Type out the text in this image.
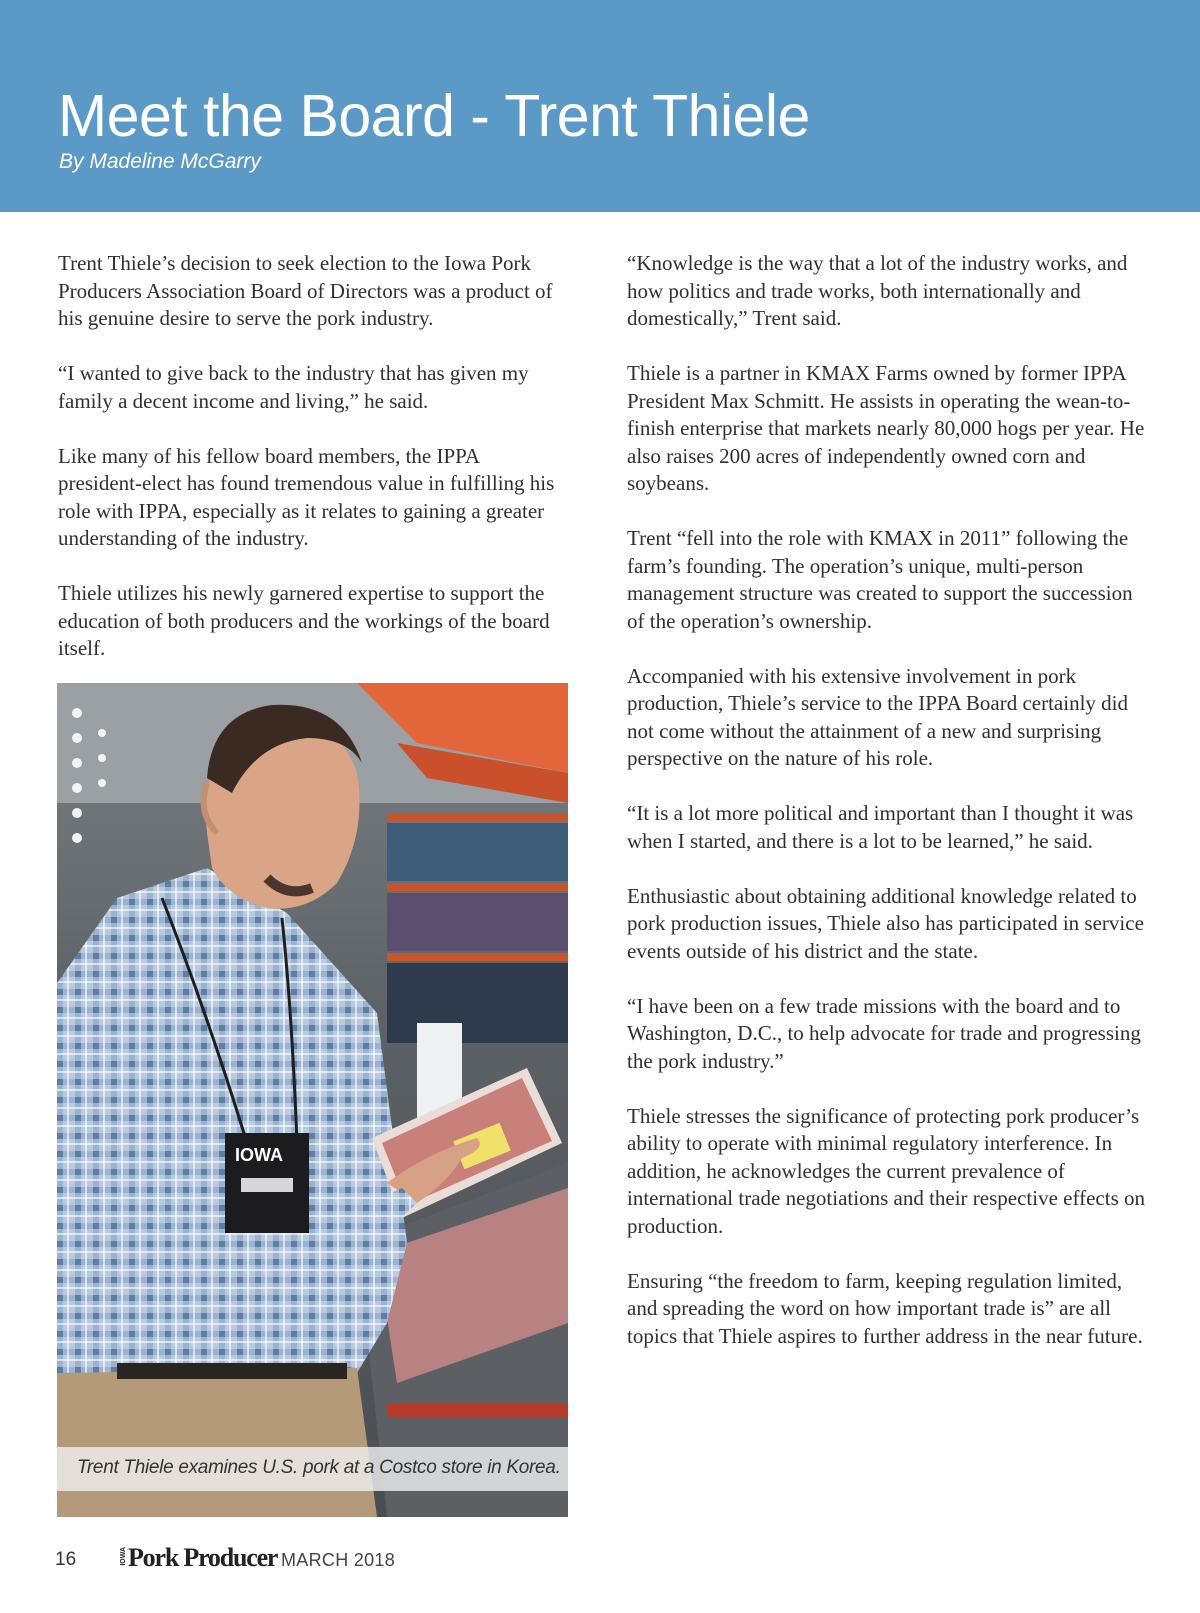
Meet the Board - Trent Thiele
By Madeline McGarry

Trent Thiele’s decision to seek election to the Iowa Pork Producers Association Board of Directors was a product of his genuine desire to serve the pork industry.

“I wanted to give back to the industry that has given my family a decent income and living,” he said.

Like many of his fellow board members, the IPPA president-elect has found tremendous value in fulfilling his role with IPPA, especially as it relates to gaining a greater understanding of the industry.

Thiele utilizes his newly garnered expertise to support the education of both producers and the workings of the board itself.

IOWA
Trent Thiele examines U.S. pork at a Costco store in Korea.

“Knowledge is the way that a lot of the industry works, and how politics and trade works, both internationally and domestically,” Trent said.

Thiele is a partner in KMAX Farms owned by former IPPA President Max Schmitt. He assists in operating the wean-to-finish enterprise that markets nearly 80,000 hogs per year. He also raises 200 acres of independently owned corn and soybeans.

Trent “fell into the role with KMAX in 2011” following the farm’s founding. The operation’s unique, multi-person management structure was created to support the succession of the operation’s ownership.

Accompanied with his extensive involvement in pork production, Thiele’s service to the IPPA Board certainly did not come without the attainment of a new and surprising perspective on the nature of his role.

“It is a lot more political and important than I thought it was when I started, and there is a lot to be learned,” he said.

Enthusiastic about obtaining additional knowledge related to pork production issues, Thiele also has participated in service events outside of his district and the state.

“I have been on a few trade missions with the board and to Washington, D.C., to help advocate for trade and progressing the pork industry.”

Thiele stresses the significance of protecting pork producer’s ability to operate with minimal regulatory interference. In addition, he acknowledges the current prevalence of international trade negotiations and their respective effects on production.

Ensuring “the freedom to farm, keeping regulation limited, and spreading the word on how important trade is” are all topics that Thiele aspires to further address in the near future.

16	IOWAPork Producer MARCH 2018
